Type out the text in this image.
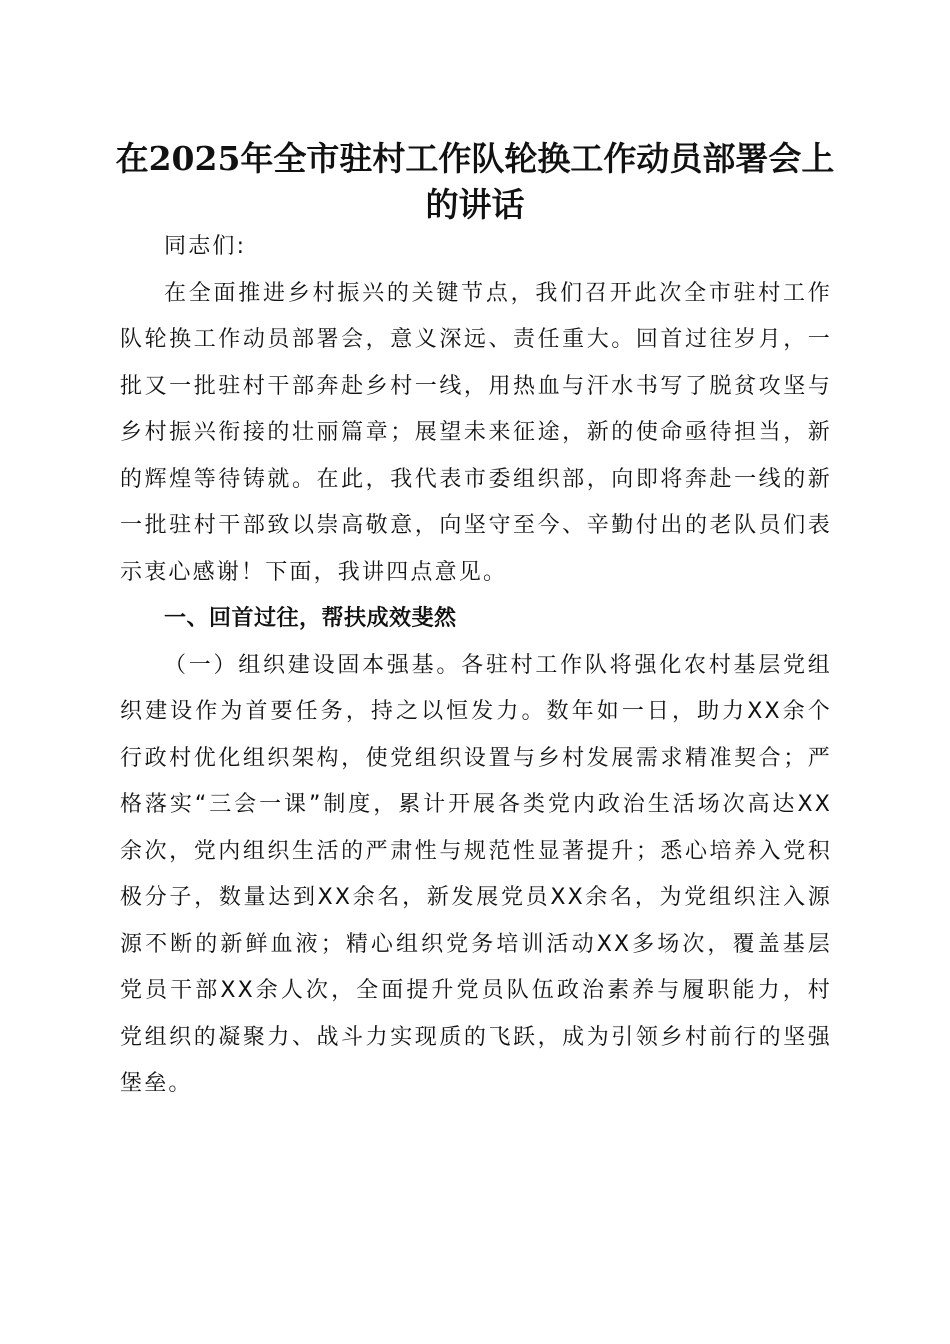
在2025年全市驻村工作队轮换工作动员部署会上的讲话

同志们:

在全面推进乡村振兴的关键节点，我们召开此次全市驻村工作队轮换工作动员部署会，意义深远、责任重大。回首过往岁月，一批又一批驻村干部奔赴乡村一线，用热血与汗水书写了脱贫攻坚与乡村振兴衔接的壮丽篇章；展望未来征途，新的使命亟待担当，新的辉煌等待铸就。在此，我代表市委组织部，向即将奔赴一线的新一批驻村干部致以崇高敬意，向坚守至今、辛勤付出的老队员们表示衷心感谢！下面，我讲四点意见。

一、回首过往，帮扶成效斐然

（一）组织建设固本强基。各驻村工作队将强化农村基层党组织建设作为首要任务，持之以恒发力。数年如一日，助力XX余个行政村优化组织架构，使党组织设置与乡村发展需求精准契合；严格落实“三会一课”制度，累计开展各类党内政治生活场次高达XX余次，党内组织生活的严肃性与规范性显著提升；悉心培养入党积极分子，数量达到XX余名，新发展党员XX余名，为党组织注入源源不断的新鲜血液；精心组织党务培训活动XX多场次，覆盖基层党员干部XX余人次，全面提升党员队伍政治素养与履职能力，村党组织的凝聚力、战斗力实现质的飞跃，成为引领乡村前行的坚强堡垒。
